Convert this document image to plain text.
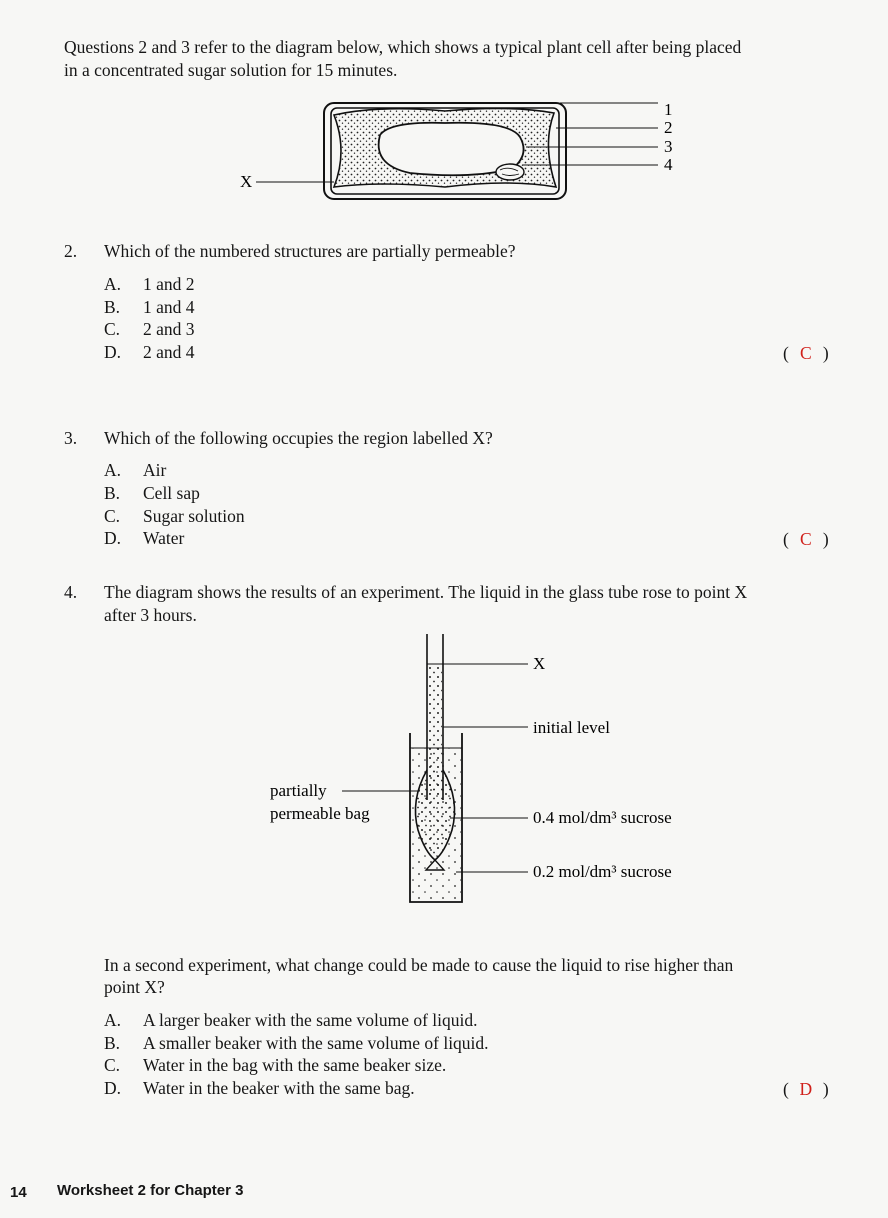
Questions 2 and 3 refer to the diagram below, which shows a typical plant cell after being placed
in a concentrated sugar solution for 15 minutes.
1
2
3
4
X
2. Which of the numbered structures are partially permeable?
A. 1 and 2
B. 1 and 4
C. 2 and 3
D. 2 and 4	( C )
3. Which of the following occupies the region labelled X?
A. Air
B. Cell sap
C. Sugar solution
D. Water	( C )
4. The diagram shows the results of an experiment. The liquid in the glass tube rose to point X
after 3 hours.
X
initial level
partially
permeable bag	0.4 mol/dm³ sucrose
0.2 mol/dm³ sucrose
In a second experiment, what change could be made to cause the liquid to rise higher than
point X?
A. A larger beaker with the same volume of liquid.
B. A smaller beaker with the same volume of liquid.
C. Water in the bag with the same beaker size.
D. Water in the beaker with the same bag.	( D )
14 Worksheet 2 for Chapter 3
